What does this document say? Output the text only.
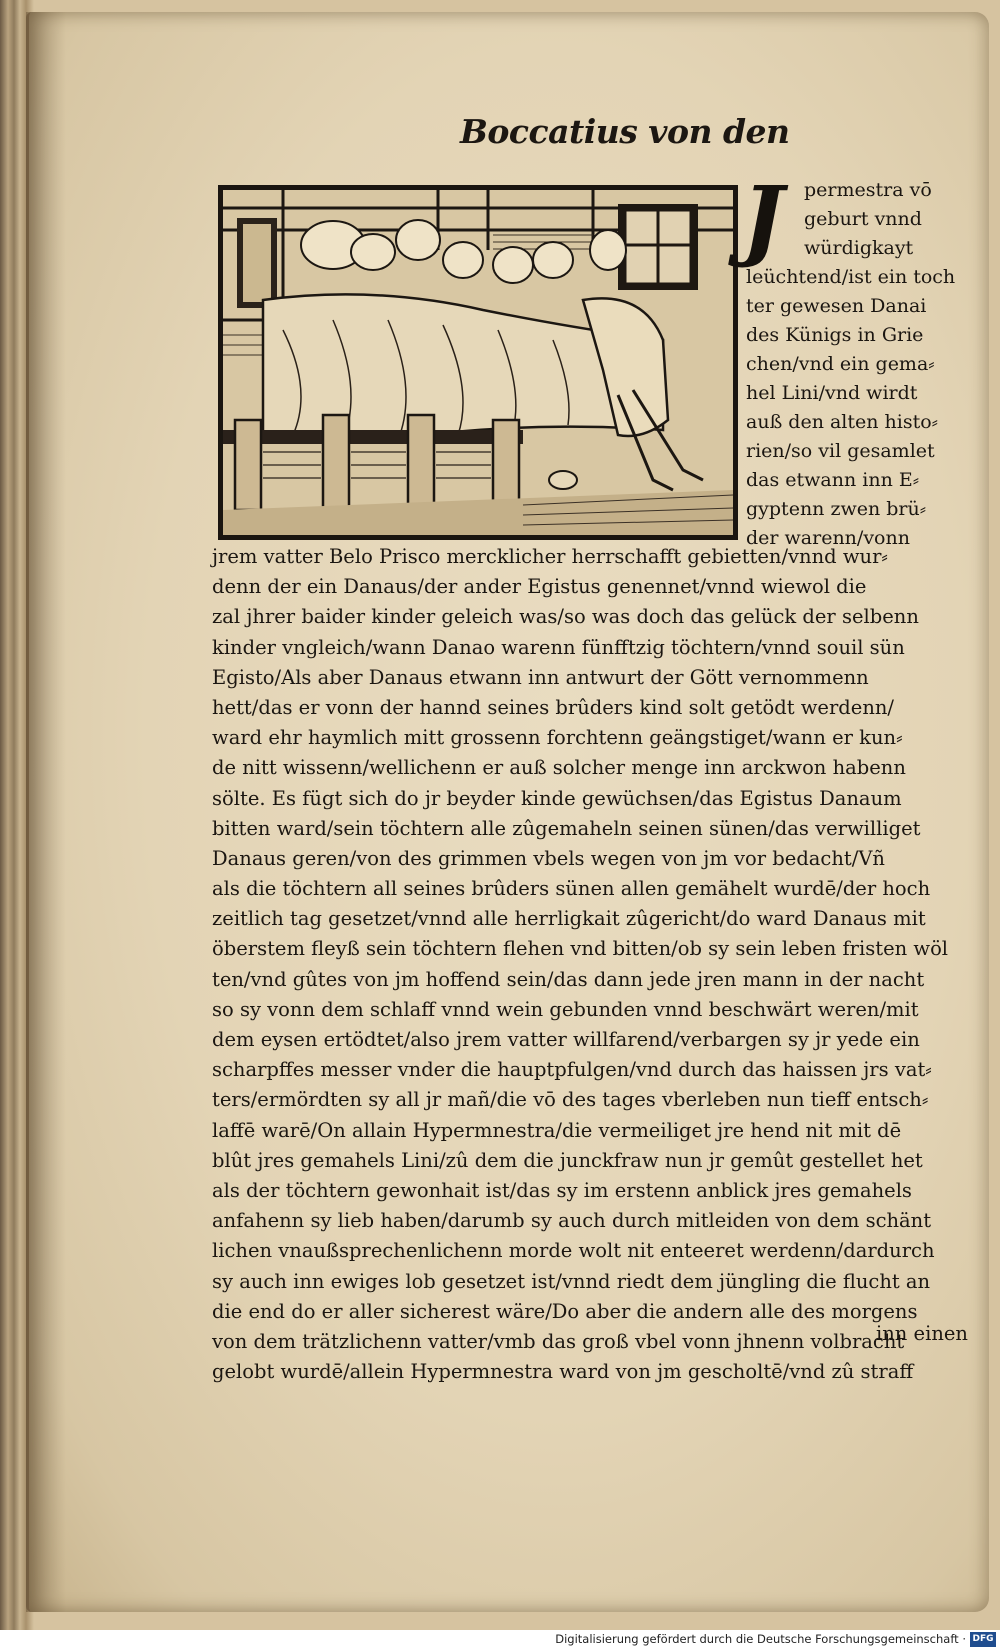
Boccatius von den
J	permestra vō
geburt vnnd
würdigkayt
leüchtend/ist ein toch
ter gewesen Danai
des Künigs in Grie
chen/vnd ein gema⸗
hel Lini/vnd wirdt
auß den alten histo⸗
rien/so vil gesamlet
das etwann inn E⸗
gyptenn zwen brü⸗
der warenn/vonn
jrem vatter Belo Prisco mercklicher herrschafft gebietten/vnnd wur⸗
denn der ein Danaus/der ander Egistus genennet/vnnd wiewol die
zal jhrer baider kinder geleich was/so was doch das gelück der selbenn
kinder vngleich/wann Danao warenn fünfftzig töchtern/vnnd souil sün
Egisto/Als aber Danaus etwann inn antwurt der Gött vernommenn
hett/das er vonn der hannd seines brûders kind solt getödt werdenn/
ward ehr haymlich mitt grossenn forchtenn geängstiget/wann er kun⸗
de nitt wissenn/wellichenn er auß solcher menge inn arckwon habenn
sölte. Es fügt sich do jr beyder kinde gewüchsen/das Egistus Danaum
bitten ward/sein töchtern alle zûgemaheln seinen sünen/das verwilliget
Danaus geren/von des grimmen vbels wegen von jm vor bedacht/Vñ
als die töchtern all seines brûders sünen allen gemähelt wurdē/der hoch
zeitlich tag gesetzet/vnnd alle herrligkait zûgericht/do ward Danaus mit
öberstem fleyß sein töchtern flehen vnd bitten/ob sy sein leben fristen wöl
ten/vnd gûtes von jm hoffend sein/das dann jede jren mann in der nacht
so sy vonn dem schlaff vnnd wein gebunden vnnd beschwärt weren/mit
dem eysen ertödtet/also jrem vatter willfarend/verbargen sy jr yede ein
scharpffes messer vnder die hauptpfulgen/vnd durch das haissen jrs vat⸗
ters/ermördten sy all jr mañ/die vō des tages vberleben nun tieff entsch⸗
laffē warē/On allain Hypermnestra/die vermeiliget jre hend nit mit dē
blût jres gemahels Lini/zû dem die junckfraw nun jr gemût gestellet het
als der töchtern gewonhait ist/das sy im erstenn anblick jres gemahels
anfahenn sy lieb haben/darumb sy auch durch mitleiden von dem schänt
lichen vnaußsprechenlichenn morde wolt nit enteeret werdenn/dardurch
sy auch inn ewiges lob gesetzet ist/vnnd riedt dem jüngling die flucht an
die end do er aller sicherest wäre/Do aber die andern alle des morgens
von dem trätzlichenn vatter/vmb das groß vbel vonn jhnenn volbracht
gelobt wurdē/allein Hypermnestra ward von jm gescholtē/vnd zû straff
inn einen
Digitalisierung gefördert durch die Deutsche Forschungsgemeinschaft · DFG
